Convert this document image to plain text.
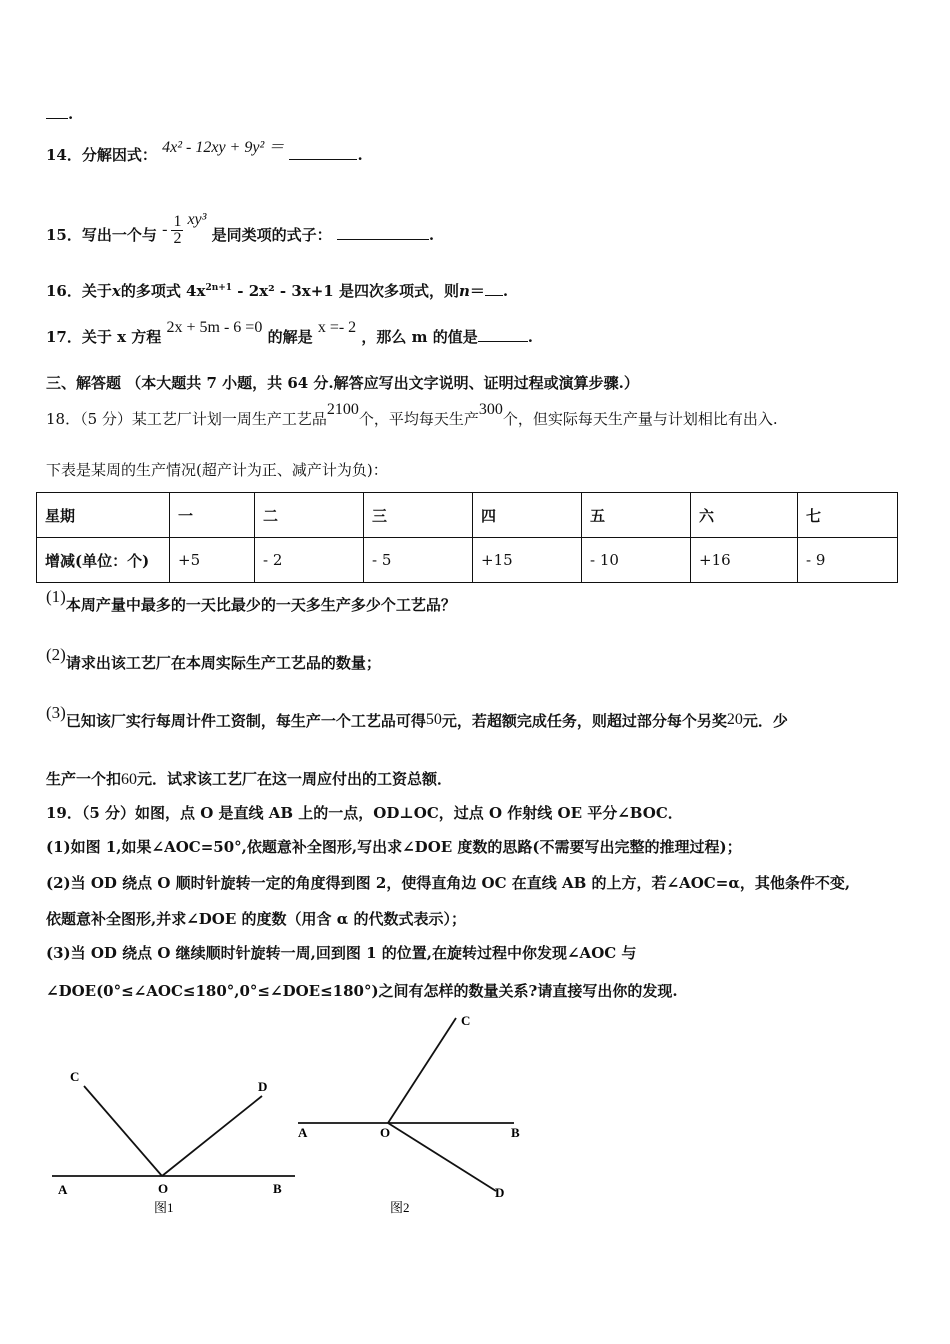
.
14．分解因式： 4x² - 12xy + 9y² ＝	.
15．写出一个与 - $\frac{1}{2} xy^3$ 是同类项的式子：	.
16．关于x的多项式 $4x^{2n+1} - 2x^2 - 3x+1$ 是四次多项式，则n＝ .
17．关于 x 方程 2x + 5m - 6 =0 的解是 x =- 2 ，那么 m 的值是	.
三、解答题 （本大题共 7 小题，共 64 分.解答应写出文字说明、证明过程或演算步骤.）
18．（5 分）某工艺厂计划一周生产工艺品2100个，平均每天生产300个，但实际每天生产量与计划相比有出入.
下表是某周的生产情况(超产计为正、减产计为负)：
星期	一	二	三	四	五	六	七
增减(单位：个)	+5	- 2	- 5	+15	- 10	+16	- 9
(1)本周产量中最多的一天比最少的一天多生产多少个工艺品？
(2)请求出该工艺厂在本周实际生产工艺品的数量；
(3)已知该厂实行每周计件工资制，每生产一个工艺品可得50元，若超额完成任务，则超过部分每个另奖20元．少
生产一个扣60元．试求该工艺厂在这一周应付出的工资总额．
19．（5 分）如图，点 O 是直线 AB 上的一点，OD⊥OC，过点 O 作射线 OE 平分∠BOC．
(1)如图 1,如果∠AOC=50°,依题意补全图形,写出求∠DOE 度数的思路(不需要写出完整的推理过程)；
(2)当 OD 绕点 O 顺时针旋转一定的角度得到图 2，使得直角边 OC 在直线 AB 的上方，若∠AOC=α，其他条件不变,
依题意补全图形,并求∠DOE 的度数（用含 α 的代数式表示）；
(3)当 OD 绕点 O 继续顺时针旋转一周,回到图 1 的位置,在旋转过程中你发现∠AOC 与
∠DOE(0°≤∠AOC≤180°,0°≤∠DOE≤180°)之间有怎样的数量关系?请直接写出你的发现.
C
D
A	O	B
图1
C
A	O	B
D
图2
